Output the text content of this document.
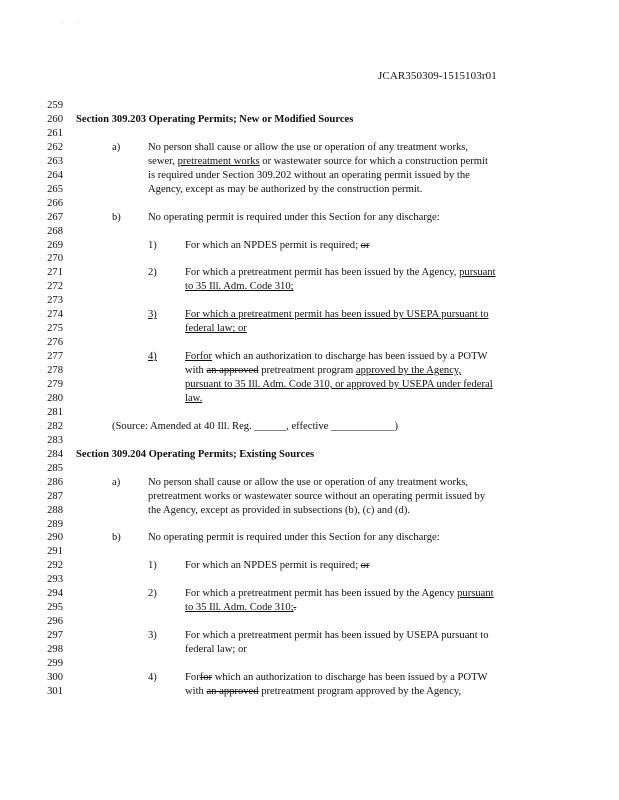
·         ·
JCAR350309-1515103r01
259
260 Section 309.203 Operating Permits; New or Modified Sources
261
262	a)	No person shall cause or allow the use or operation of any treatment works,
263	sewer, pretreatment works or wastewater source for which a construction permit
264	is required under Section 309.202 without an operating permit issued by the
265	Agency, except as may be authorized by the construction permit.
266
267	b)	No operating permit is required under this Section for any discharge:
268
269	1)	For which an NPDES permit is required; or
270
271	2)	For which a pretreatment permit has been issued by the Agency, pursuant
272	to 35 Ill. Adm. Code 310;
273
274	3)	For which a pretreatment permit has been issued by USEPA pursuant to
275	federal law; or
276
277	4)	Forfor which an authorization to discharge has been issued by a POTW
278	with an approved pretreatment program approved by the Agency,
279	pursuant to 35 Ill. Adm. Code 310, or approved by USEPA under federal
280	law.
281
282	(Source: Amended at 40 Ill. Reg. ______, effective ____________)
283
284 Section 309.204 Operating Permits; Existing Sources
285
286	a)	No person shall cause or allow the use or operation of any treatment works,
287	pretreatment works or wastewater source without an operating permit issued by
288	the Agency, except as provided in subsections (b), (c) and (d).
289
290	b)	No operating permit is required under this Section for any discharge:
291
292	1)	For which an NPDES permit is required; or
293
294	2)	For which a pretreatment permit has been issued by the Agency pursuant
295	to 35 Ill. Adm. Code 310;.
296
297	3)	For which a pretreatment permit has been issued by USEPA pursuant to
298	federal law; or
299
300	4)	Forfor which an authorization to discharge has been issued by a POTW
301	with an approved pretreatment program approved by the Agency,
